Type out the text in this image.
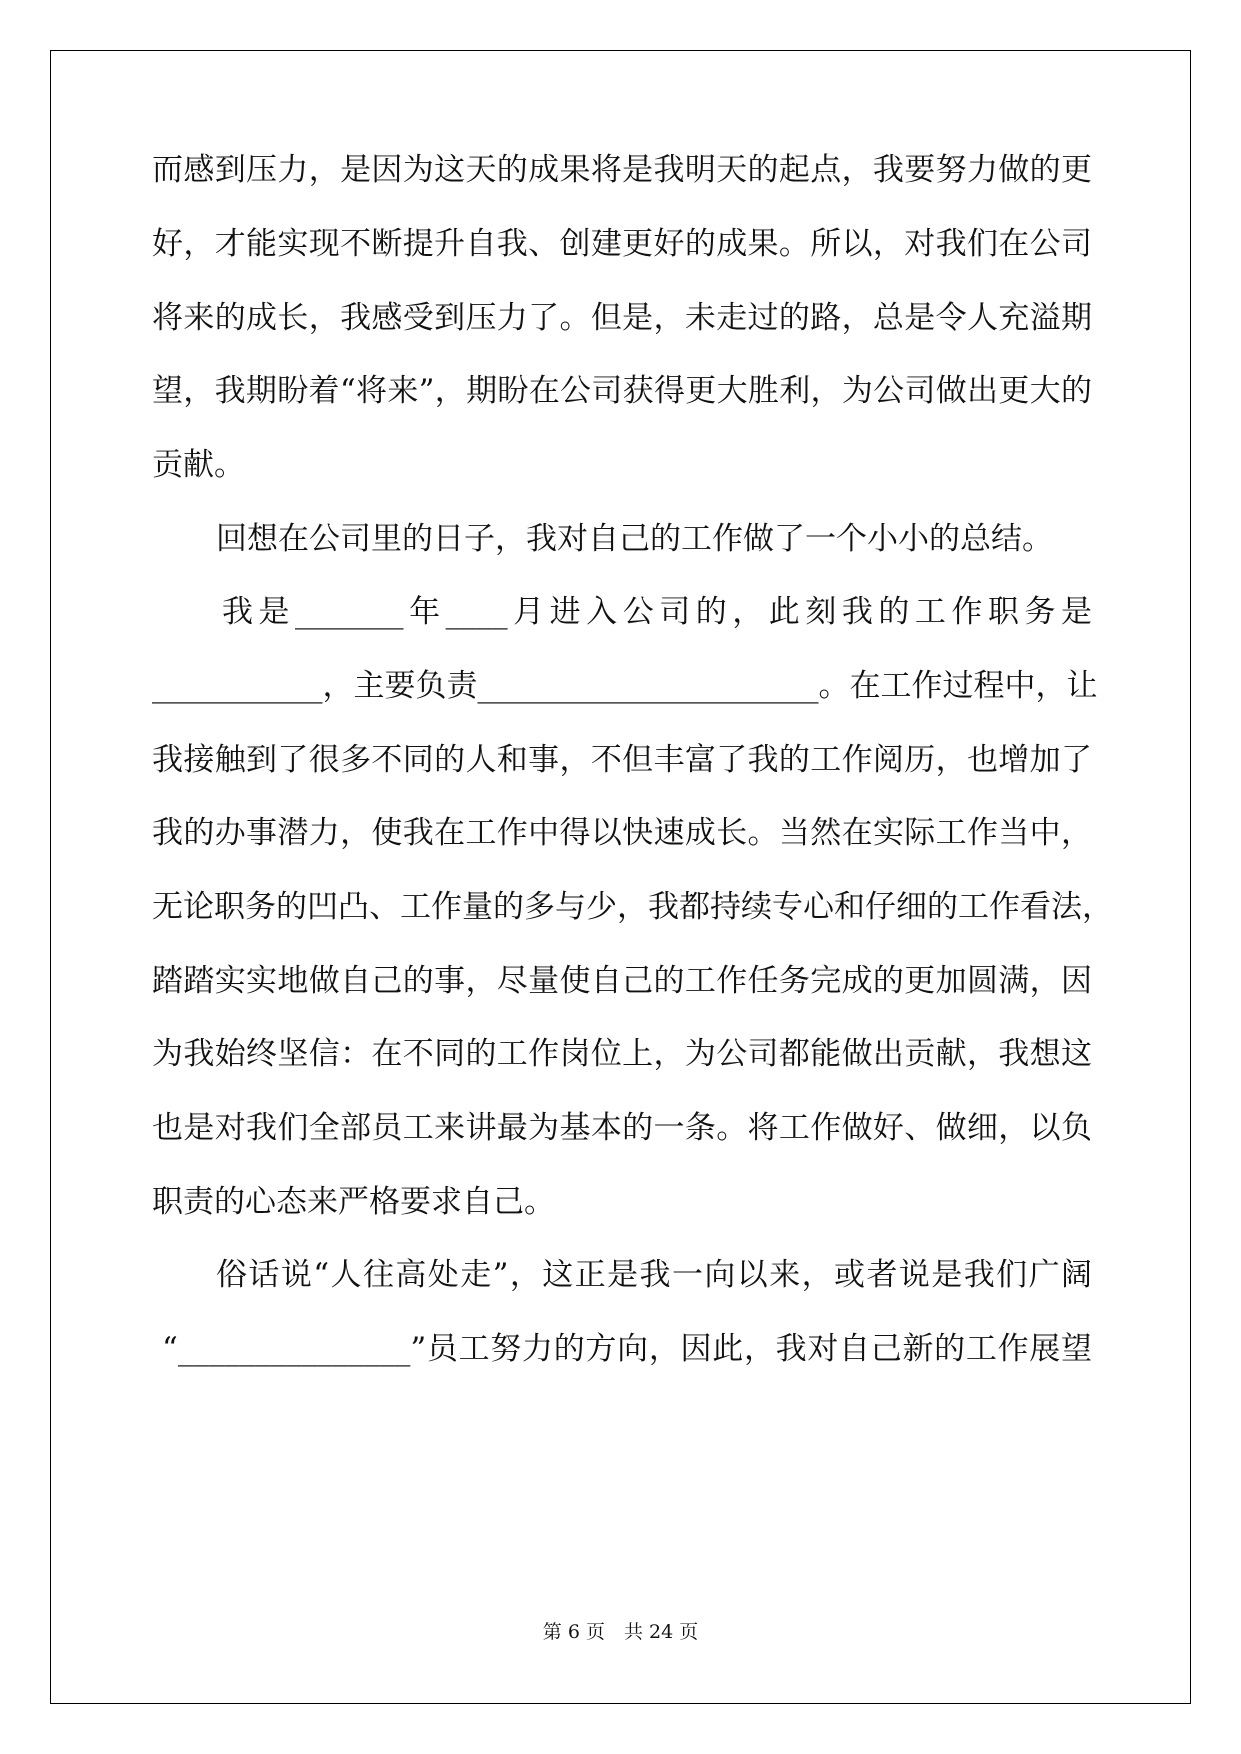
而感到压力，是因为这天的成果将是我明天的起点，我要努力做的更
好，才能实现不断提升自我、创建更好的成果。所以，对我们在公司
将来的成长，我感受到压力了。但是，未走过的路，总是令人充溢期
望，我期盼着“将来”，期盼在公司获得更大胜利，为公司做出更大的
贡献。
回想在公司里的日子，我对自己的工作做了一个小小的总结。
我是_______年____月进入公司的，此刻我的工作职务是
___________，主要负责______________________。在工作过程中，让
我接触到了很多不同的人和事，不但丰富了我的工作阅历，也增加了
我的办事潜力，使我在工作中得以快速成长。当然在实际工作当中，
无论职务的凹凸、工作量的多与少，我都持续专心和仔细的工作看法，
踏踏实实地做自己的事，尽量使自己的工作任务完成的更加圆满，因
为我始终坚信：在不同的工作岗位上，为公司都能做出贡献，我想这
也是对我们全部员工来讲最为基本的一条。将工作做好、做细，以负
职责的心态来严格要求自己。
俗话说“人往高处走”，这正是我一向以来，或者说是我们广阔
“_______________”员工努力的方向，因此，我对自己新的工作展望
第 6 页　共 24 页
